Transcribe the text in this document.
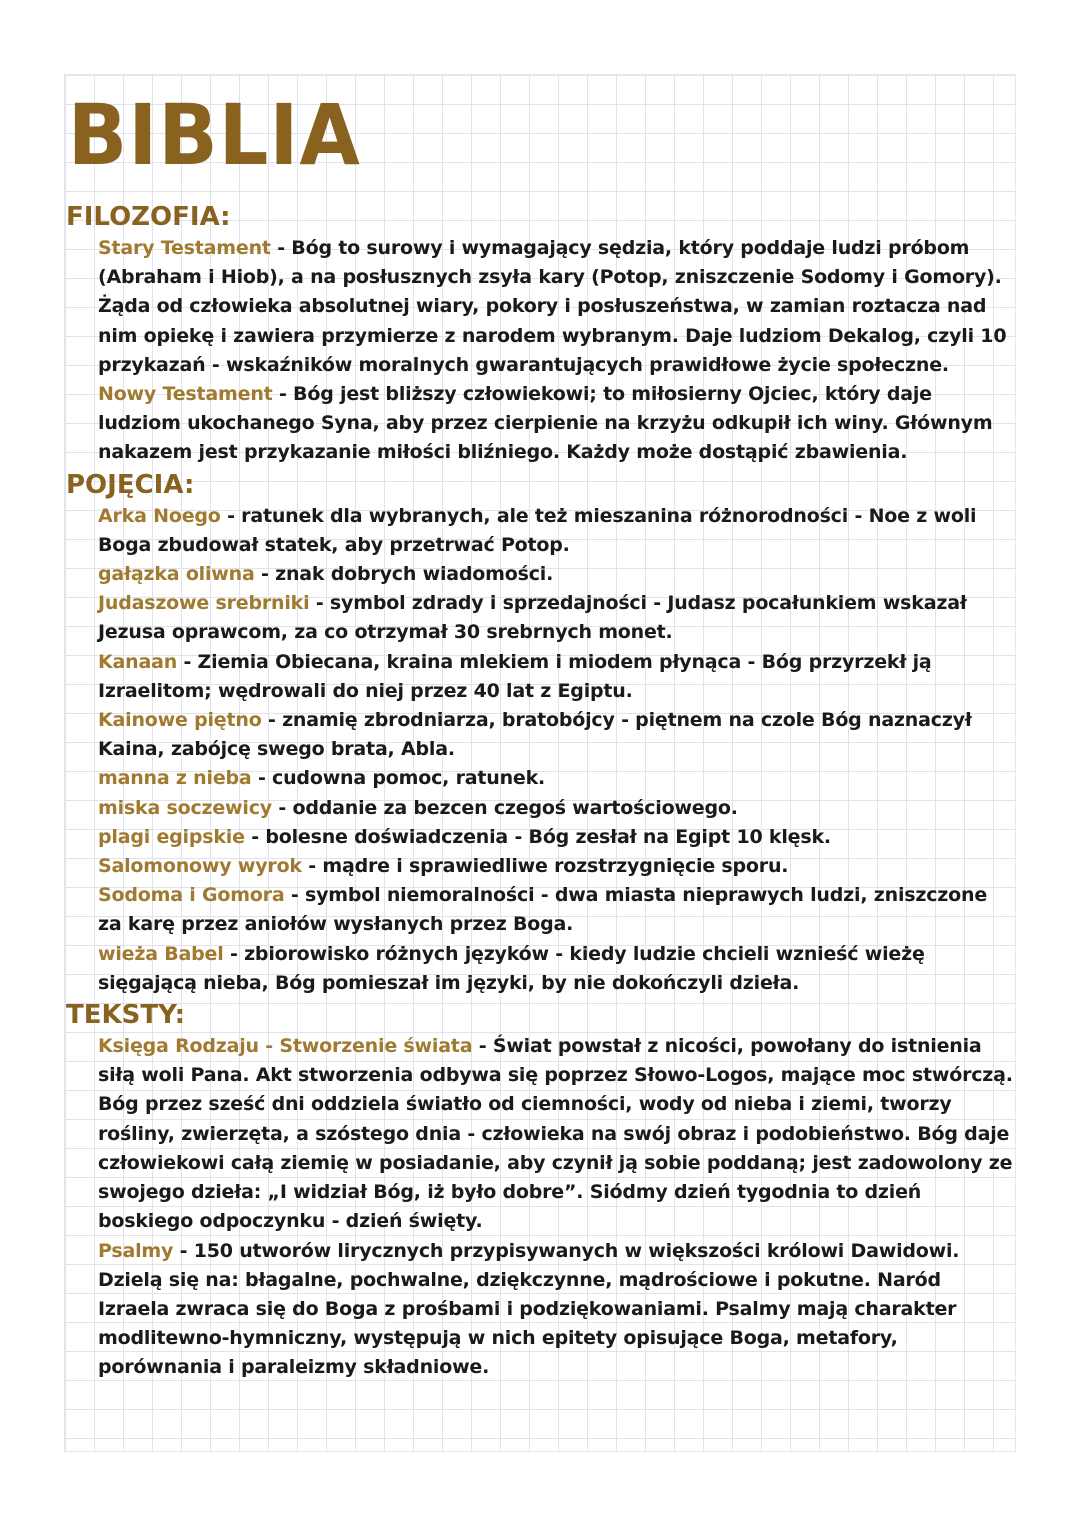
BIBLIA
FILOZOFIA:

Stary Testament - Bóg to surowy i wymagający sędzia, który poddaje ludzi próbom (Abraham i Hiob), a na posłusznych zsyła kary (Potop, zniszczenie Sodomy i Gomory). Żąda od człowieka absolutnej wiary, pokory i posłuszeństwa, w zamian roztacza nad nim opiekę i zawiera przymierze z narodem wybranym. Daje ludziom Dekalog, czyli 10 przykazań - wskaźników moralnych gwarantujących prawidłowe życie społeczne.

Nowy Testament - Bóg jest bliższy człowiekowi; to miłosierny Ojciec, który daje ludziom ukochanego Syna, aby przez cierpienie na krzyżu odkupił ich winy. Głównym nakazem jest przykazanie miłości bliźniego. Każdy może dostąpić zbawienia.

POJĘCIA:

Arka Noego - ratunek dla wybranych, ale też mieszanina różnorodności - Noe z woli Boga zbudował statek, aby przetrwać Potop.

gałązka oliwna - znak dobrych wiadomości.

Judaszowe srebrniki - symbol zdrady i sprzedajności - Judasz pocałunkiem wskazał Jezusa oprawcom, za co otrzymał 30 srebrnych monet.

Kanaan - Ziemia Obiecana, kraina mlekiem i miodem płynąca - Bóg przyrzekł ją Izraelitom; wędrowali do niej przez 40 lat z Egiptu.

Kainowe piętno - znamię zbrodniarza, bratobójcy - piętnem na czole Bóg naznaczył Kaina, zabójcę swego brata, Abla.

manna z nieba - cudowna pomoc, ratunek.

miska soczewicy - oddanie za bezcen czegoś wartościowego.

plagi egipskie - bolesne doświadczenia - Bóg zesłał na Egipt 10 klęsk.

Salomonowy wyrok - mądre i sprawiedliwe rozstrzygnięcie sporu.

Sodoma i Gomora - symbol niemoralności - dwa miasta nieprawych ludzi, zniszczone za karę przez aniołów wysłanych przez Boga.

wieża Babel - zbiorowisko różnych języków - kiedy ludzie chcieli wznieść wieżę sięgającą nieba, Bóg pomieszał im języki, by nie dokończyli dzieła.

TEKSTY:

Księga Rodzaju - Stworzenie świata - Świat powstał z nicości, powołany do istnienia siłą woli Pana. Akt stworzenia odbywa się poprzez Słowo-Logos, mające moc stwórczą. Bóg przez sześć dni oddziela światło od ciemności, wody od nieba i ziemi, tworzy rośliny, zwierzęta, a szóstego dnia - człowieka na swój obraz i podobieństwo. Bóg daje człowiekowi całą ziemię w posiadanie, aby czynił ją sobie poddaną; jest zadowolony ze swojego dzieła: „I widział Bóg, iż było dobre”. Siódmy dzień tygodnia to dzień boskiego odpoczynku - dzień święty.

Psalmy - 150 utworów lirycznych przypisywanych w większości królowi Dawidowi. Dzielą się na: błagalne, pochwalne, dziękczynne, mądrościowe i pokutne. Naród Izraela zwraca się do Boga z prośbami i podziękowaniami. Psalmy mają charakter modlitewno-hymniczny, występują w nich epitety opisujące Boga, metafory, porównania i paraleizmy składniowe.
